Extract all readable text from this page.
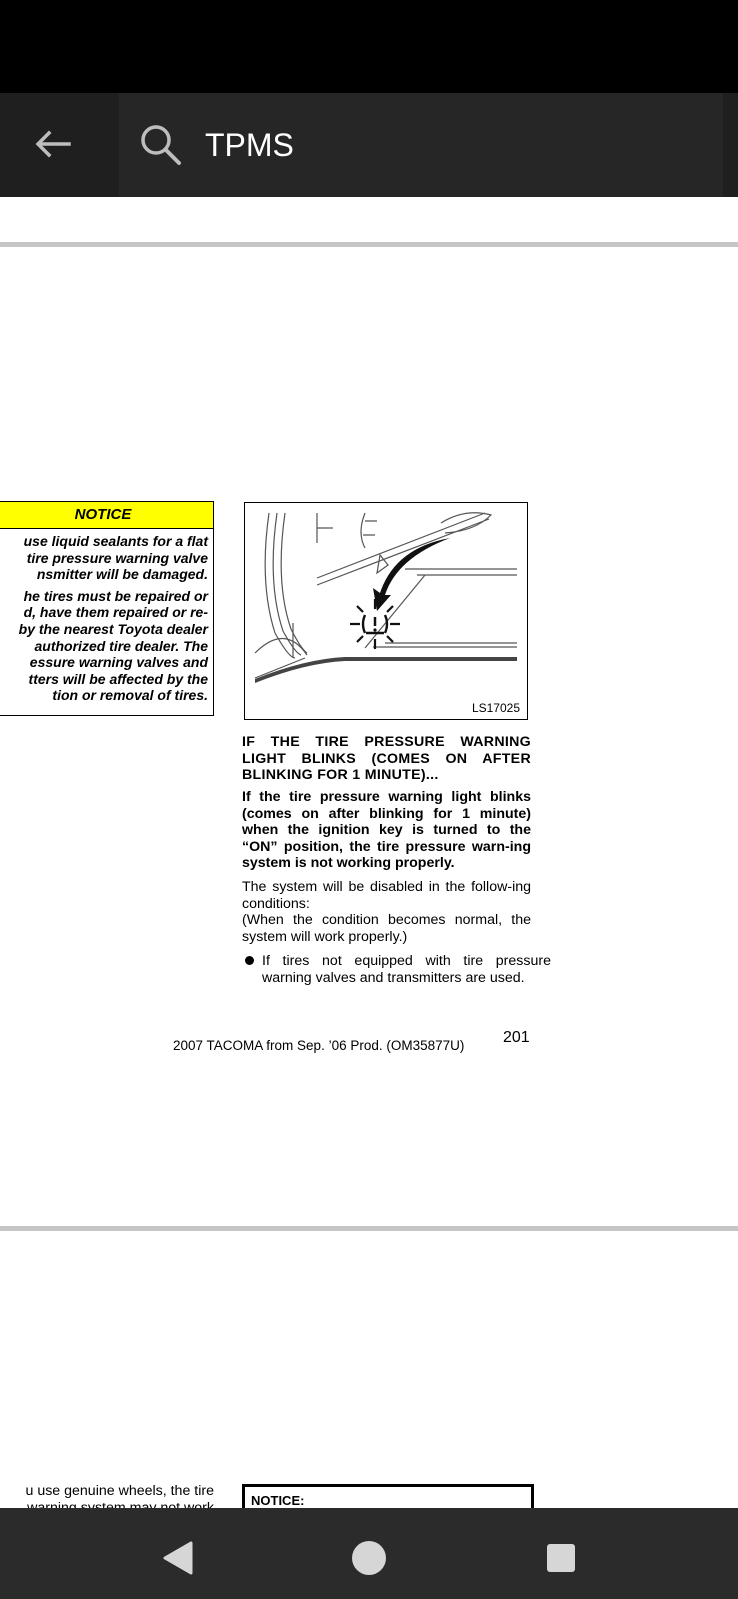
TPMS
NOTICE

use liquid sealants for a flat
tire pressure warning valve
nsmitter will be damaged.

he tires must be repaired or
d, have them repaired or re-
by the nearest Toyota dealer
authorized tire dealer. The
essure warning valves and
tters will be affected by the
tion or removal of tires.

LS17025
IF THE TIRE PRESSURE WARNING LIGHT BLINKS (COMES ON AFTER BLINKING FOR 1 MINUTE)...
If the tire pressure warning light blinks (comes on after blinking for 1 minute) when the ignition key is turned to the “ON” position, the tire pressure warn-ing system is not working properly.

The system will be disabled in the follow-ing conditions:

(When the condition becomes normal, the system will work properly.)

If tires not equipped with tire pressure warning valves and transmitters are used.
2007 TACOMA from Sep. ’06 Prod. (OM35877U) 201
u use genuine wheels, the tire
NOTICE:
